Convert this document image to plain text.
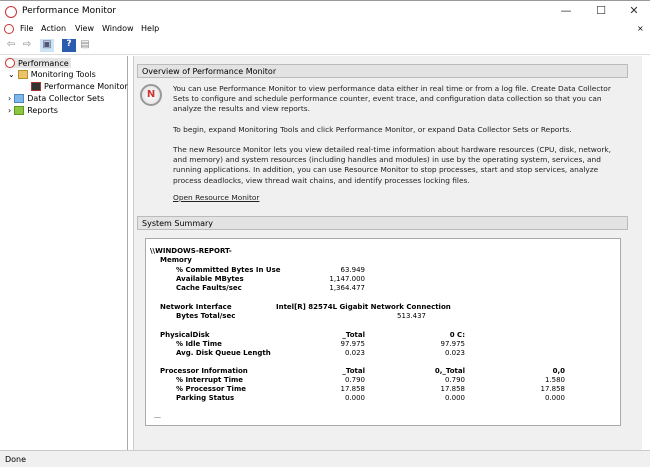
Performance Monitor	—	☐	✕
File Action View Window Help	×
⇦ ⇨ ▣	? ▤
Performance
⌄ Monitoring Tools
Performance Monitor
› Data Collector Sets
› Reports
Overview of Performance Monitor
N
You can use Performance Monitor to view performance data either in real time or from a log file. Create Data Collector Sets to configure and schedule performance counter, event trace, and configuration data collection so that you can analyze the results and view reports.
To begin, expand Monitoring Tools and click Performance Monitor, or expand Data Collector Sets or Reports.
The new Resource Monitor lets you view detailed real-time information about hardware resources (CPU, disk, network, and memory) and system resources (including handles and modules) in use by the operating system, services, and running applications. In addition, you can use Resource Monitor to stop processes, start and stop services, analyze process deadlocks, view thread wait chains, and identify processes locking files.
Open Resource Monitor
System Summary
\\WINDOWS-REPORT-
Memory
% Committed Bytes In Use	63.949
Available MBytes	1,147.000
Cache Faults/sec	1,364.477
Network Interface	Intel[R] 82574L Gigabit Network Connection
Bytes Total/sec	513.437
PhysicalDisk	_Total	0 C:
% Idle Time	97.975	97.975
Avg. Disk Queue Length	0.023	0.023
Processor Information	_Total	0,_Total	0,0
% Interrupt Time	0.790	0.790	1.580
% Processor Time	17.858	17.858	17.858
Parking Status	0.000	0.000	0.000
—
Done
